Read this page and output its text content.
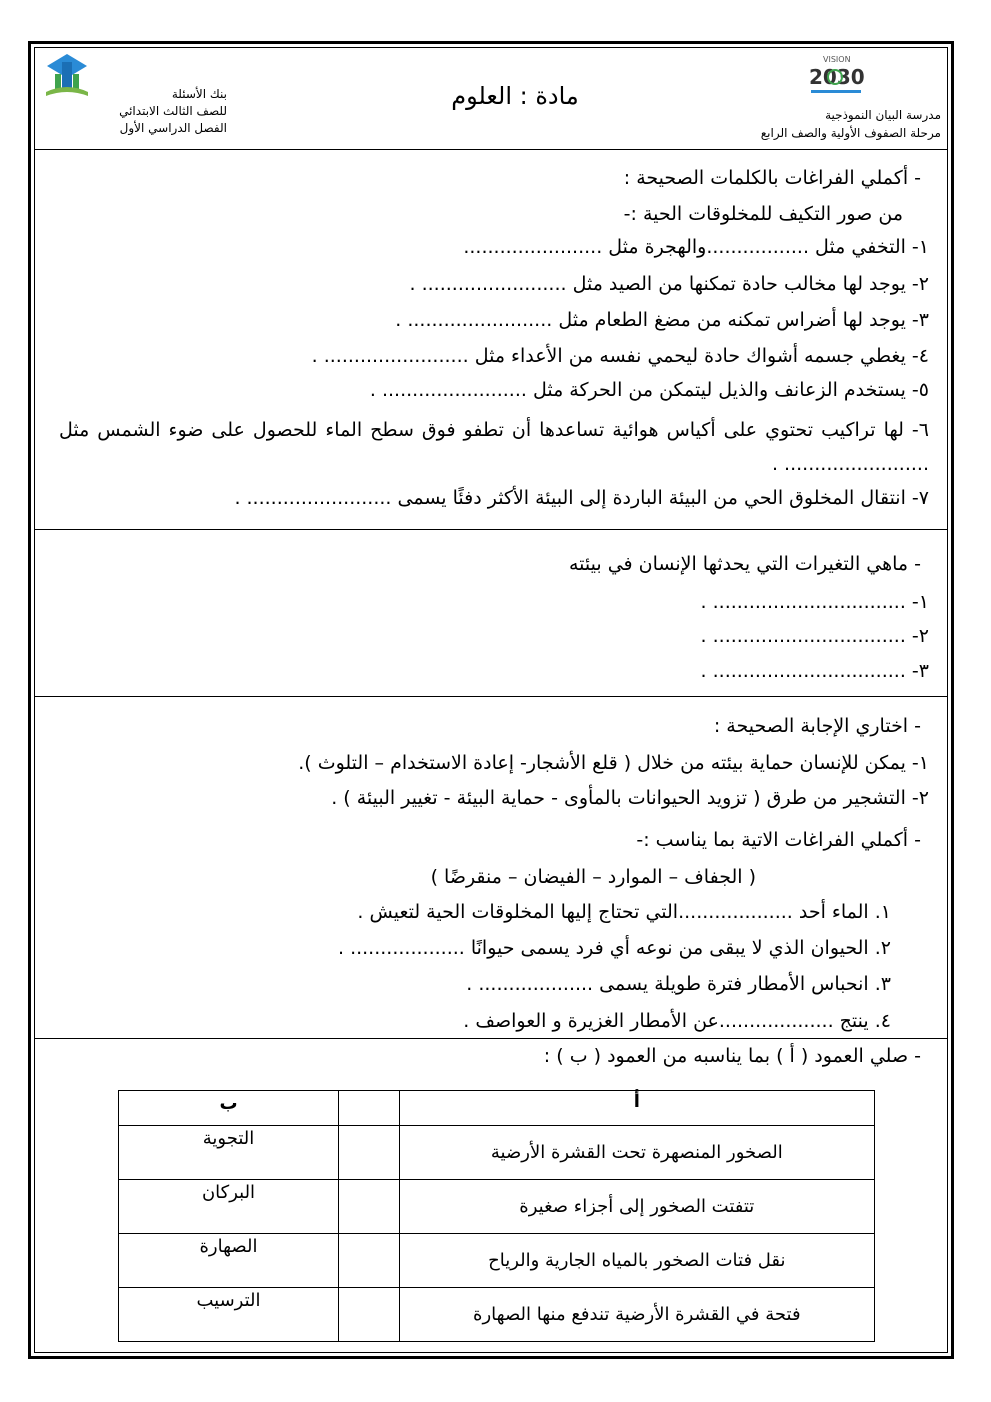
بنك الأسئلة
للصف الثالث الابتدائي
الفصل الدراسي الأول
مادة : العلوم
VISION
2030
مدرسة البيان النموذجية
مرحلة الصفوف الأولية والصف الرابع
- أكملي الفراغات بالكلمات الصحيحة :
من صور التكيف للمخلوقات الحية :-
١- التخفي مثل .................والهجرة مثل .......................
٢- يوجد لها مخالب حادة تمكنها من الصيد مثل ........................ .
٣- يوجد لها أضراس تمكنه من مضغ الطعام مثل ........................ .
٤- يغطي جسمه أشواك حادة ليحمي نفسه من الأعداء مثل ........................ .
٥- يستخدم الزعانف والذيل ليتمكن من الحركة مثل ........................ .
٦- لها تراكيب تحتوي على أكياس هوائية تساعدها أن تطفو فوق سطح الماء للحصول على ضوء الشمس مثل ........................ .
٧- انتقال المخلوق الحي من البيئة الباردة إلى البيئة الأكثر دفئًا يسمى ........................ .
- ماهي التغيرات التي يحدثها الإنسان في بيئته
١- ................................ .
٢- ................................ .
٣- ................................ .
- اختاري الإجابة الصحيحة :
١- يمكن للإنسان حماية بيئته من خلال ( قلع الأشجار- إعادة الاستخدام – التلوث ).
٢- التشجير من طرق ( تزويد الحيوانات بالمأوى - حماية البيئة - تغيير البيئة ) .
- أكملي الفراغات الاتية بما يناسب :-
( الجفاف – الموارد – الفيضان – منقرضًا )
١. الماء أحد ...................التي تحتاج إليها المخلوقات الحية لتعيش .
٢. الحيوان الذي لا يبقى من نوعه أي فرد يسمى حيوانًا ................... .
٣. انحباس الأمطار فترة طويلة يسمى ................... .
٤. ينتج ...................عن الأمطار الغزيرة و العواصف .
- صلي العمود ( أ ) بما يناسبه من العمود ( ب ) :
أ		ب
الصخور المنصهرة تحت القشرة الأرضية		التجوية
تتفتت الصخور إلى أجزاء صغيرة		البركان
نقل فتات الصخور بالمياه الجارية والرياح		الصهارة
فتحة في القشرة الأرضية تندفع منها الصهارة		الترسيب
